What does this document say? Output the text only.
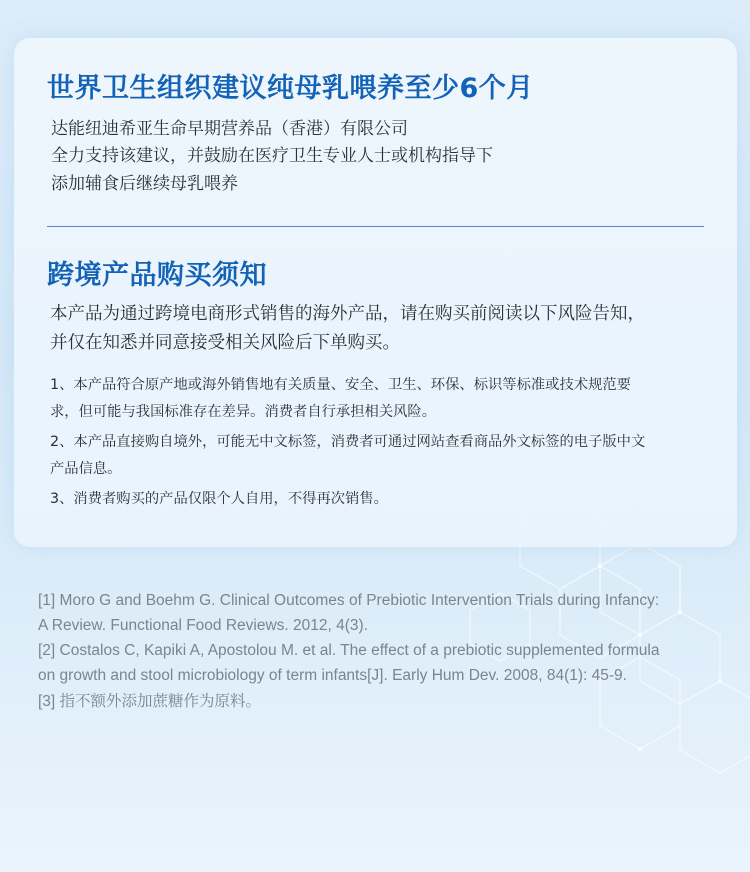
世界卫生组织建议纯母乳喂养至少6个月
达能纽迪希亚生命早期营养品（香港）有限公司
全力支持该建议，并鼓励在医疗卫生专业人士或机构指导下
添加辅食后继续母乳喂养
跨境产品购买须知
本产品为通过跨境电商形式销售的海外产品，请在购买前阅读以下风险告知，
并仅在知悉并同意接受相关风险后下单购买。
1、本产品符合原产地或海外销售地有关质量、安全、卫生、环保、标识等标准或技术规范要
求，但可能与我国标准存在差异。消费者自行承担相关风险。
2、本产品直接购自境外，可能无中文标签，消费者可通过网站查看商品外文标签的电子版中文
产品信息。
3、消费者购买的产品仅限个人自用，不得再次销售。
[1] Moro G and Boehm G. Clinical Outcomes of Prebiotic Intervention Trials during Infancy:
A Review. Functional Food Reviews. 2012, 4(3).
[2] Costalos C, Kapiki A, Apostolou M. et al. The effect of a prebiotic supplemented formula
on growth and stool microbiology of term infants[J]. Early Hum Dev. 2008, 84(1): 45-9.
[3] 指不额外添加蔗糖作为原料。
